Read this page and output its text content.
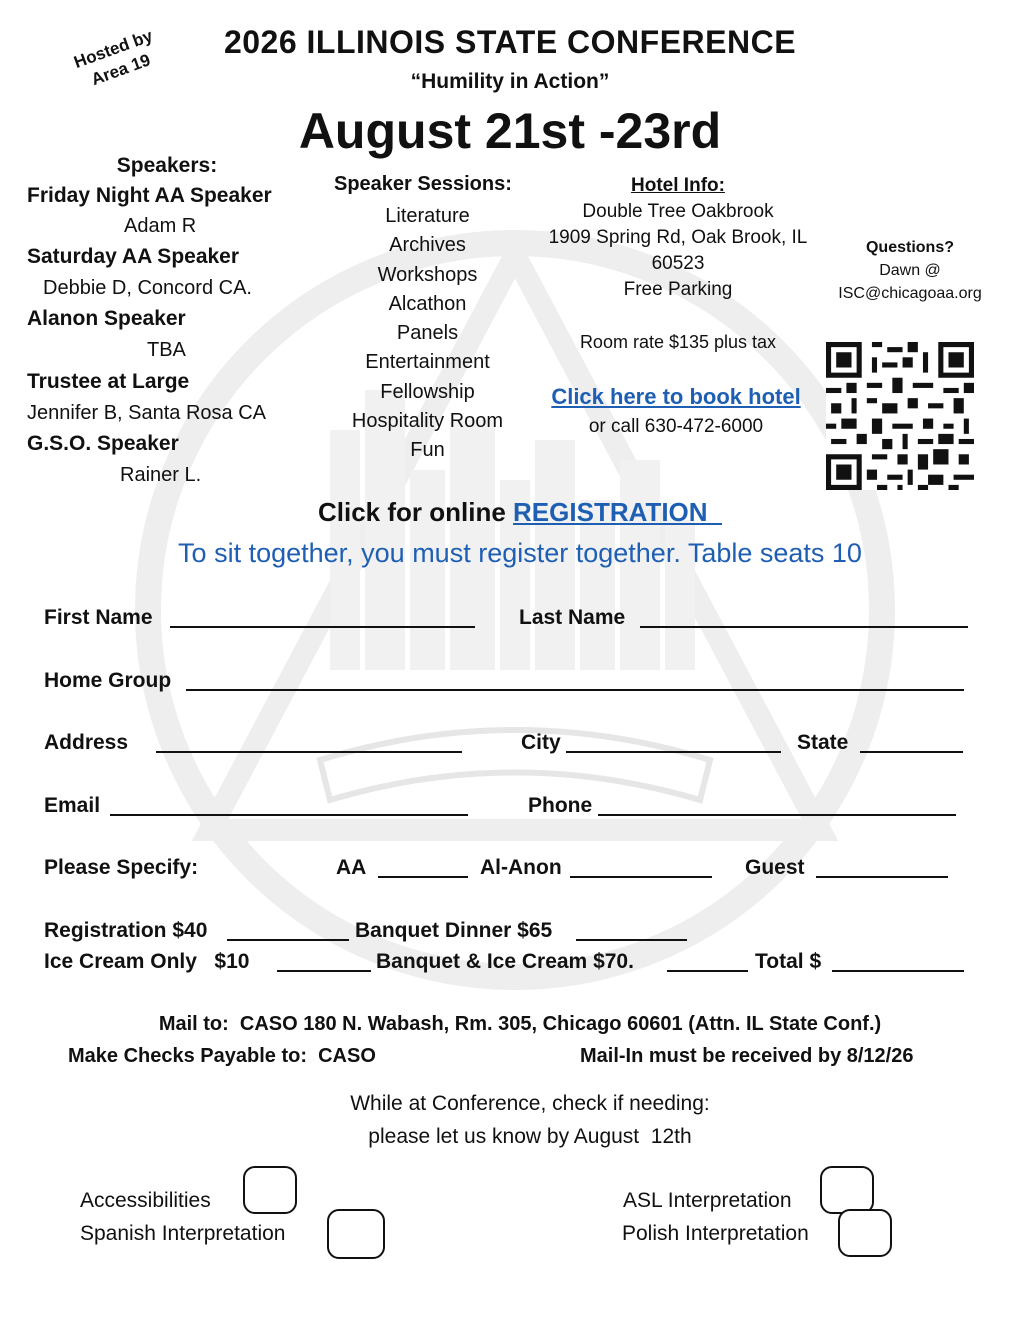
Hosted by Area 19
2026 ILLINOIS STATE CONFERENCE
“Humility in Action”
August 21st -23rd
Speakers:
Friday Night AA Speaker
Adam R
Saturday AA Speaker
Debbie D, Concord CA.
Alanon Speaker
TBA
Trustee at Large
Jennifer B, Santa Rosa CA
G.S.O. Speaker
Rainer L.
Speaker Sessions:
Literature
Archives
Workshops
Alcathon
Panels
Entertainment
Fellowship
Hospitality Room
Fun
Hotel Info:
Double Tree Oakbrook
1909 Spring Rd, Oak Brook, IL 60523
Free Parking
Room rate $135 plus tax
Click here to book hotel
or call 630-472-6000
Questions?
Dawn @
ISC@chicagoaa.org
Click for online REGISTRATION
To sit together, you must register together. Table seats 10
First Name	Last Name
Home Group
Address	City	State
Email	Phone
Please Specify:	AA	Al-Anon	Guest
Registration $40	Banquet Dinner $65
Ice Cream Only   $10	Banquet & Ice Cream $70.	Total $
Mail to:  CASO 180 N. Wabash, Rm. 305, Chicago 60601 (Attn. IL State Conf.)
Make Checks Payable to:  CASO	Mail-In must be received by 8/12/26
While at Conference, check if needing:
please let us know by August  12th
Accessibilities
Spanish Interpretation
ASL Interpretation
Polish Interpretation
